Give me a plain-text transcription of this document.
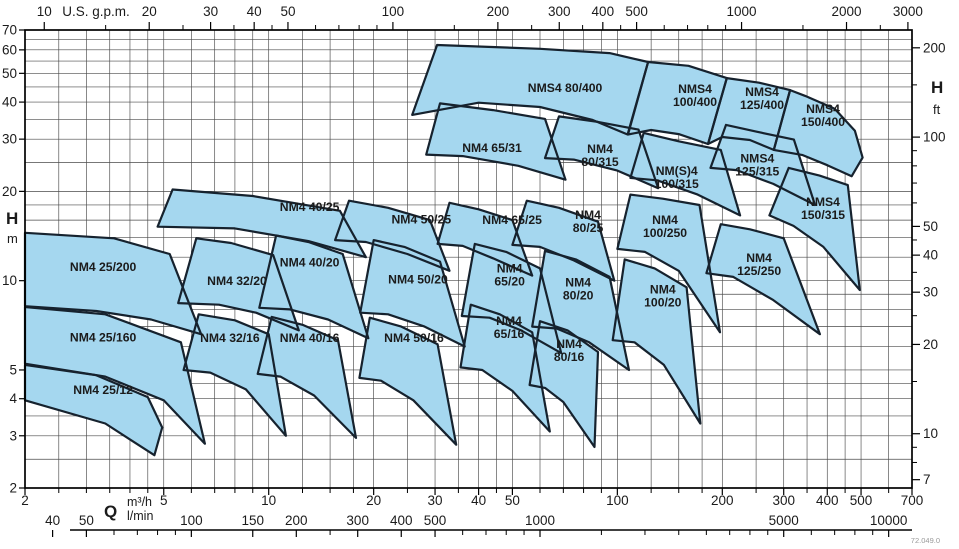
10	20	30 40 50	100	200	300 400 500	1000	2000 3000
U.S. g.p.m.
70
60
50
40
30
20
10
5
4
3
2
H
m
200
100
50
40
30
20
10
7
H
ft
2	5	10	20	30 40 50	100	200	300 400 500 700
Q m³/h
l/min
40 50	100	150 200	300 400 500	1000	5000	10000
NM4 25/200
NM4 25/160
NM4 25/12
NM4 32/20
NM4 40/20
NM4 50/20
NM4 65/20	NM4 80/20	NM4 100/20
NM4 32/16 NM4 40/16	NM4 50/16
NM4 65/16
NM4 80/16
NM4 40/25
NM4 50/25	NM4 65/25	NM4 80/25
NM4 100/250
NM4 125/250
NM4 65/31	NM4 80/315
NM(S)4 100/315
NMS4 125/315
NMS4 150/315
NMS4 80/400	NMS4 100/400
NMS4 125/400	NMS4 150/400
72.049.0
